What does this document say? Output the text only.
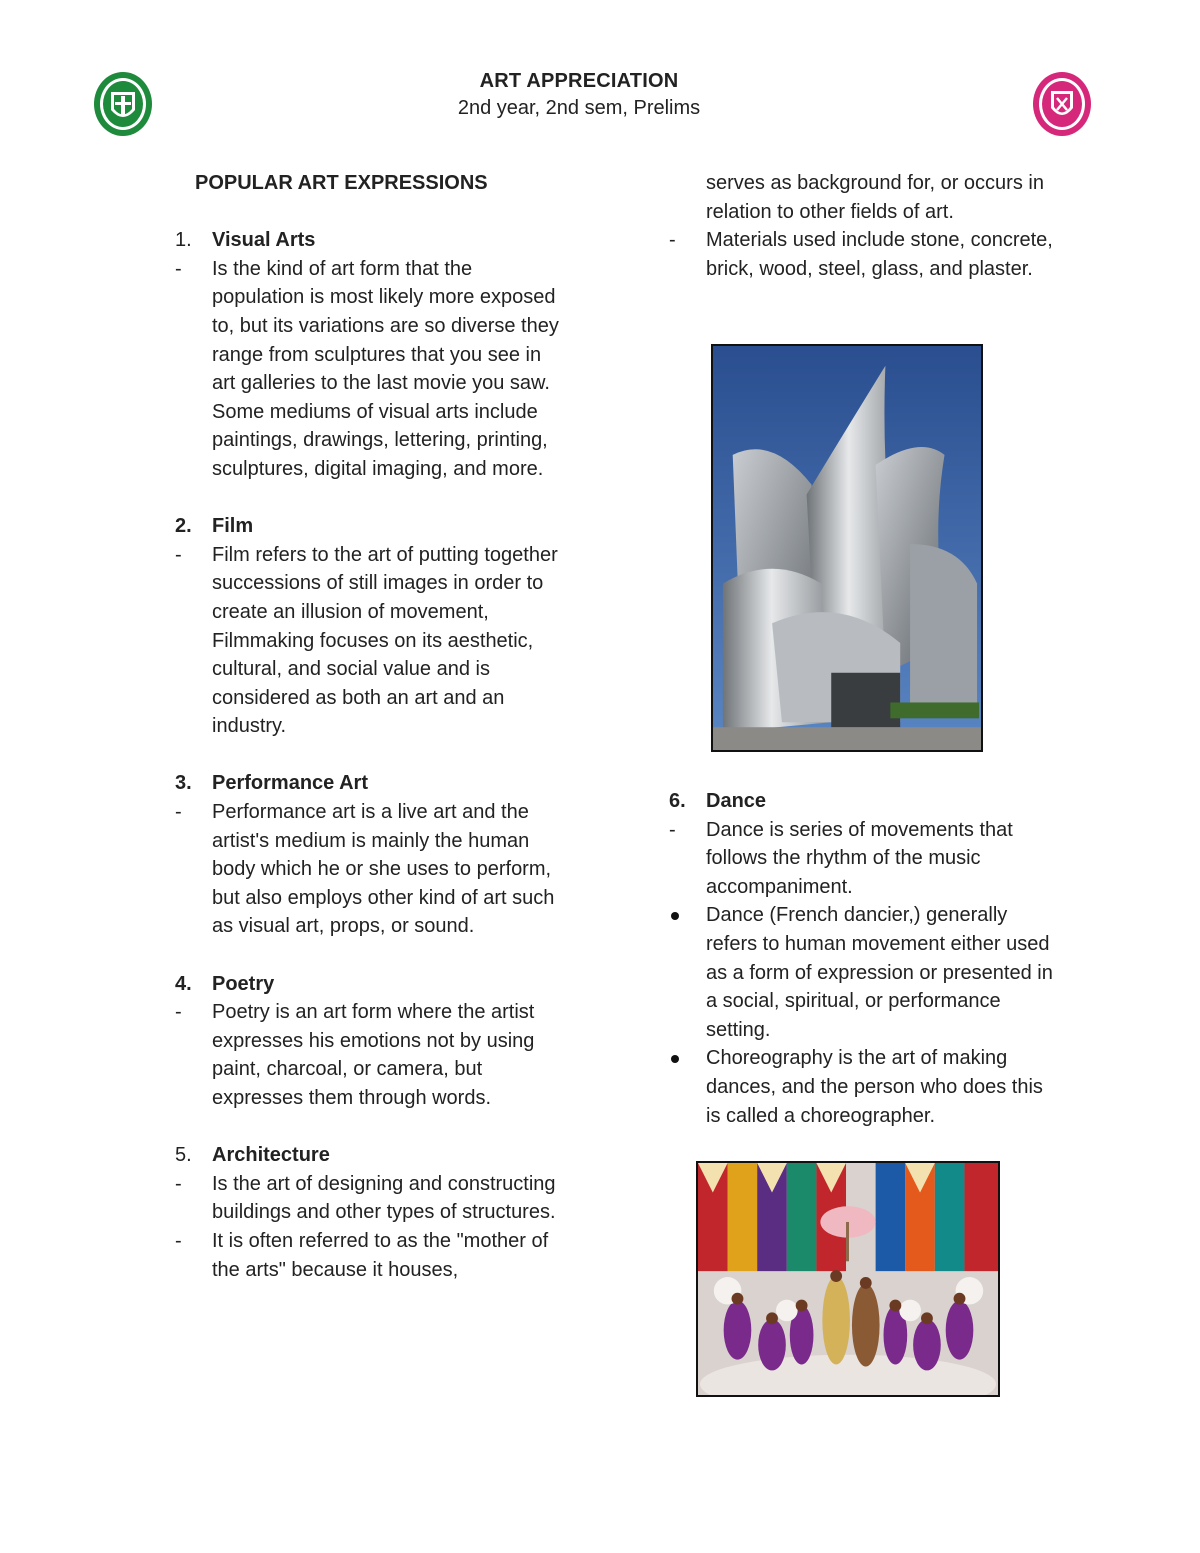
ART APPRECIATION
2nd year, 2nd sem, Prelims
POPULAR ART EXPRESSIONS
1.	Visual Arts
-	Is the kind of art form that the population is most likely more exposed to, but its variations are so diverse they range from sculptures that you see in art galleries to the last movie you saw. Some mediums of visual arts include paintings, drawings, lettering, printing, sculptures, digital imaging, and more.
2.	Film
-	Film refers to the art of putting together successions of still images in order to create an illusion of movement, Filmmaking focuses on its aesthetic, cultural, and social value and is considered as both an art and an industry.
3.	Performance Art
-	Performance art is a live art and the artist's medium is mainly the human body which he or she uses to perform, but also employs other kind of art such as visual art, props, or sound.
4.	Poetry
-	Poetry is an art form where the artist expresses his emotions not by using paint, charcoal, or camera, but expresses them through words.
5.	Architecture
-	Is the art of designing and constructing buildings and other types of structures.
-	It is often referred to as the "mother of the arts" because it houses,
serves as background for, or occurs in relation to other fields of art.
-	Materials used include stone, concrete, brick, wood, steel, glass, and plaster.
6.	Dance
-	Dance is series of movements that follows the rhythm of the music accompaniment.
Dance (French dancier,) generally refers to human movement either used as a form of expression or presented in a social, spiritual, or performance setting.
Choreography is the art of making dances, and the person who does this is called a choreographer.
